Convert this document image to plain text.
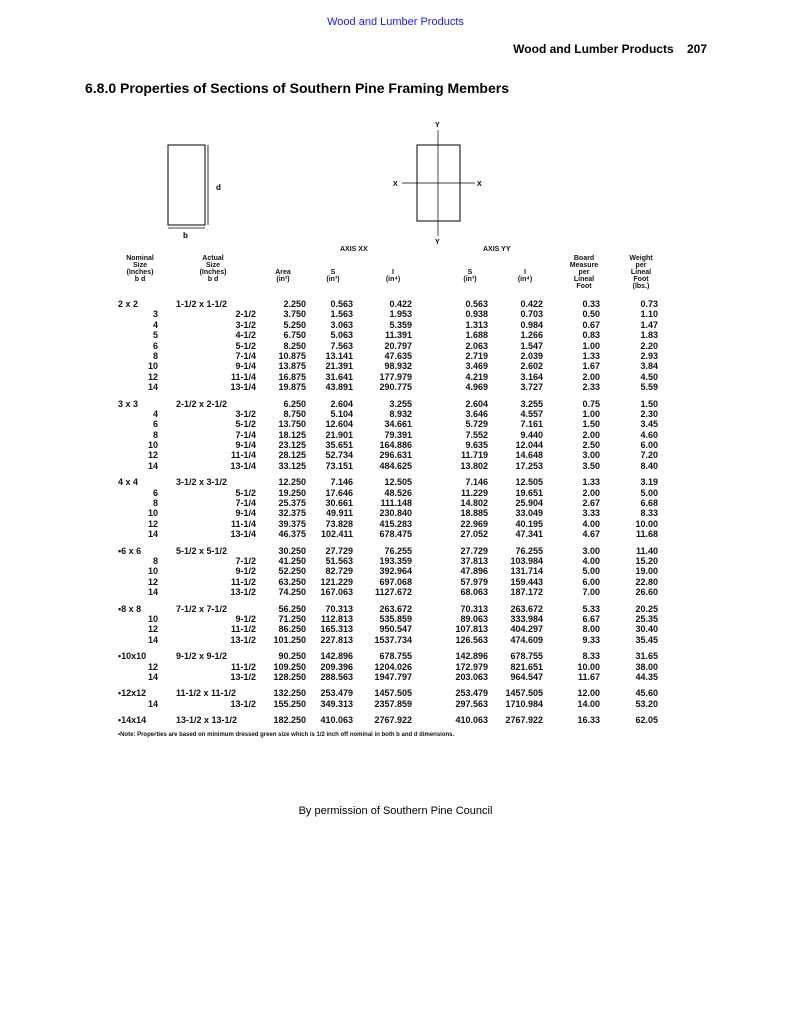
Wood and Lumber Products
Wood and Lumber Products 207
6.8.0 Properties of Sections of Southern Pine Framing Members
d
b
Y
Y
X	X
AXIS XX	AXIS YY
Nominal
Size
(Inches)
b d
Actual
Size
(Inches)
b d

Area
(in²)

S
(in³)

I
(in⁴)

S
(in³)

I
(in⁴)
Board
Measure
per
Lineal
Foot
Weight
per
Lineal
Foot
(lbs.)
2 x 2	1-1/2 x 1-1/2	2.250	0.563	0.422	0.563	0.422	0.33	0.73
3	2-1/2	3.750	1.563	1.953	0.938	0.703	0.50	1.10
4	3-1/2	5.250	3.063	5.359	1.313	0.984	0.67	1.47
5	4-1/2	6.750	5.063	11.391	1.688	1.266	0.83	1.83
6	5-1/2	8.250	7.563	20.797	2.063	1.547	1.00	2.20
8	7-1/4	10.875	13.141	47.635	2.719	2.039	1.33	2.93
10	9-1/4	13.875	21.391	98.932	3.469	2.602	1.67	3.84
12	11-1/4	16.875	31.641	177.979	4.219	3.164	2.00	4.50
14	13-1/4	19.875	43.891	290.775	4.969	3.727	2.33	5.59
3 x 3	2-1/2 x 2-1/2	6.250	2.604	3.255	2.604	3.255	0.75	1.50
4	3-1/2	8.750	5.104	8.932	3.646	4.557	1.00	2.30
6	5-1/2	13.750	12.604	34.661	5.729	7.161	1.50	3.45
8	7-1/4	18.125	21.901	79.391	7.552	9.440	2.00	4.60
10	9-1/4	23.125	35.651	164.886	9.635	12.044	2.50	6.00
12	11-1/4	28.125	52.734	296.631	11.719	14.648	3.00	7.20
14	13-1/4	33.125	73.151	484.625	13.802	17.253	3.50	8.40
4 x 4	3-1/2 x 3-1/2	12.250	7.146	12.505	7.146	12.505	1.33	3.19
6	5-1/2	19.250	17.646	48.526	11.229	19.651	2.00	5.00
8	7-1/4	25.375	30.661	111.148	14.802	25.904	2.67	6.68
10	9-1/4	32.375	49.911	230.840	18.885	33.049	3.33	8.33
12	11-1/4	39.375	73.828	415.283	22.969	40.195	4.00	10.00
14	13-1/4	46.375	102.411	678.475	27.052	47.341	4.67	11.68
•6 x 6	5-1/2 x 5-1/2	30.250	27.729	76.255	27.729	76.255	3.00	11.40
8	7-1/2	41.250	51.563	193.359	37.813	103.984	4.00	15.20
10	9-1/2	52.250	82.729	392.964	47.896	131.714	5.00	19.00
12	11-1/2	63.250	121.229	697.068	57.979	159.443	6.00	22.80
14	13-1/2	74.250	167.063	1127.672	68.063	187.172	7.00	26.60
•8 x 8	7-1/2 x 7-1/2	56.250	70.313	263.672	70.313	263.672	5.33	20.25
10	9-1/2	71.250	112.813	535.859	89.063	333.984	6.67	25.35
12	11-1/2	86.250	165.313	950.547	107.813	404.297	8.00	30.40
14	13-1/2	101.250	227.813	1537.734	126.563	474.609	9.33	35.45
•10x10	9-1/2 x 9-1/2	90.250	142.896	678.755	142.896	678.755	8.33	31.65
12	11-1/2	109.250	209.396	1204.026	172.979	821.651	10.00	38.00
14	13-1/2	128.250	288.563	1947.797	203.063	964.547	11.67	44.35
•12x12	11-1/2 x 11-1/2	132.250	253.479	1457.505	253.479 1457.505	12.00	45.60
14	13-1/2	155.250	349.313	2357.859	297.563 1710.984	14.00	53.20
•14x14	13-1/2 x 13-1/2	182.250	410.063	2767.922	410.063 2767.922	16.33	62.05
•Note: Properties are based on minimum dressed green size which is 1/2 inch off nominal in both b and d dimensions.
By permission of Southern Pine Council
